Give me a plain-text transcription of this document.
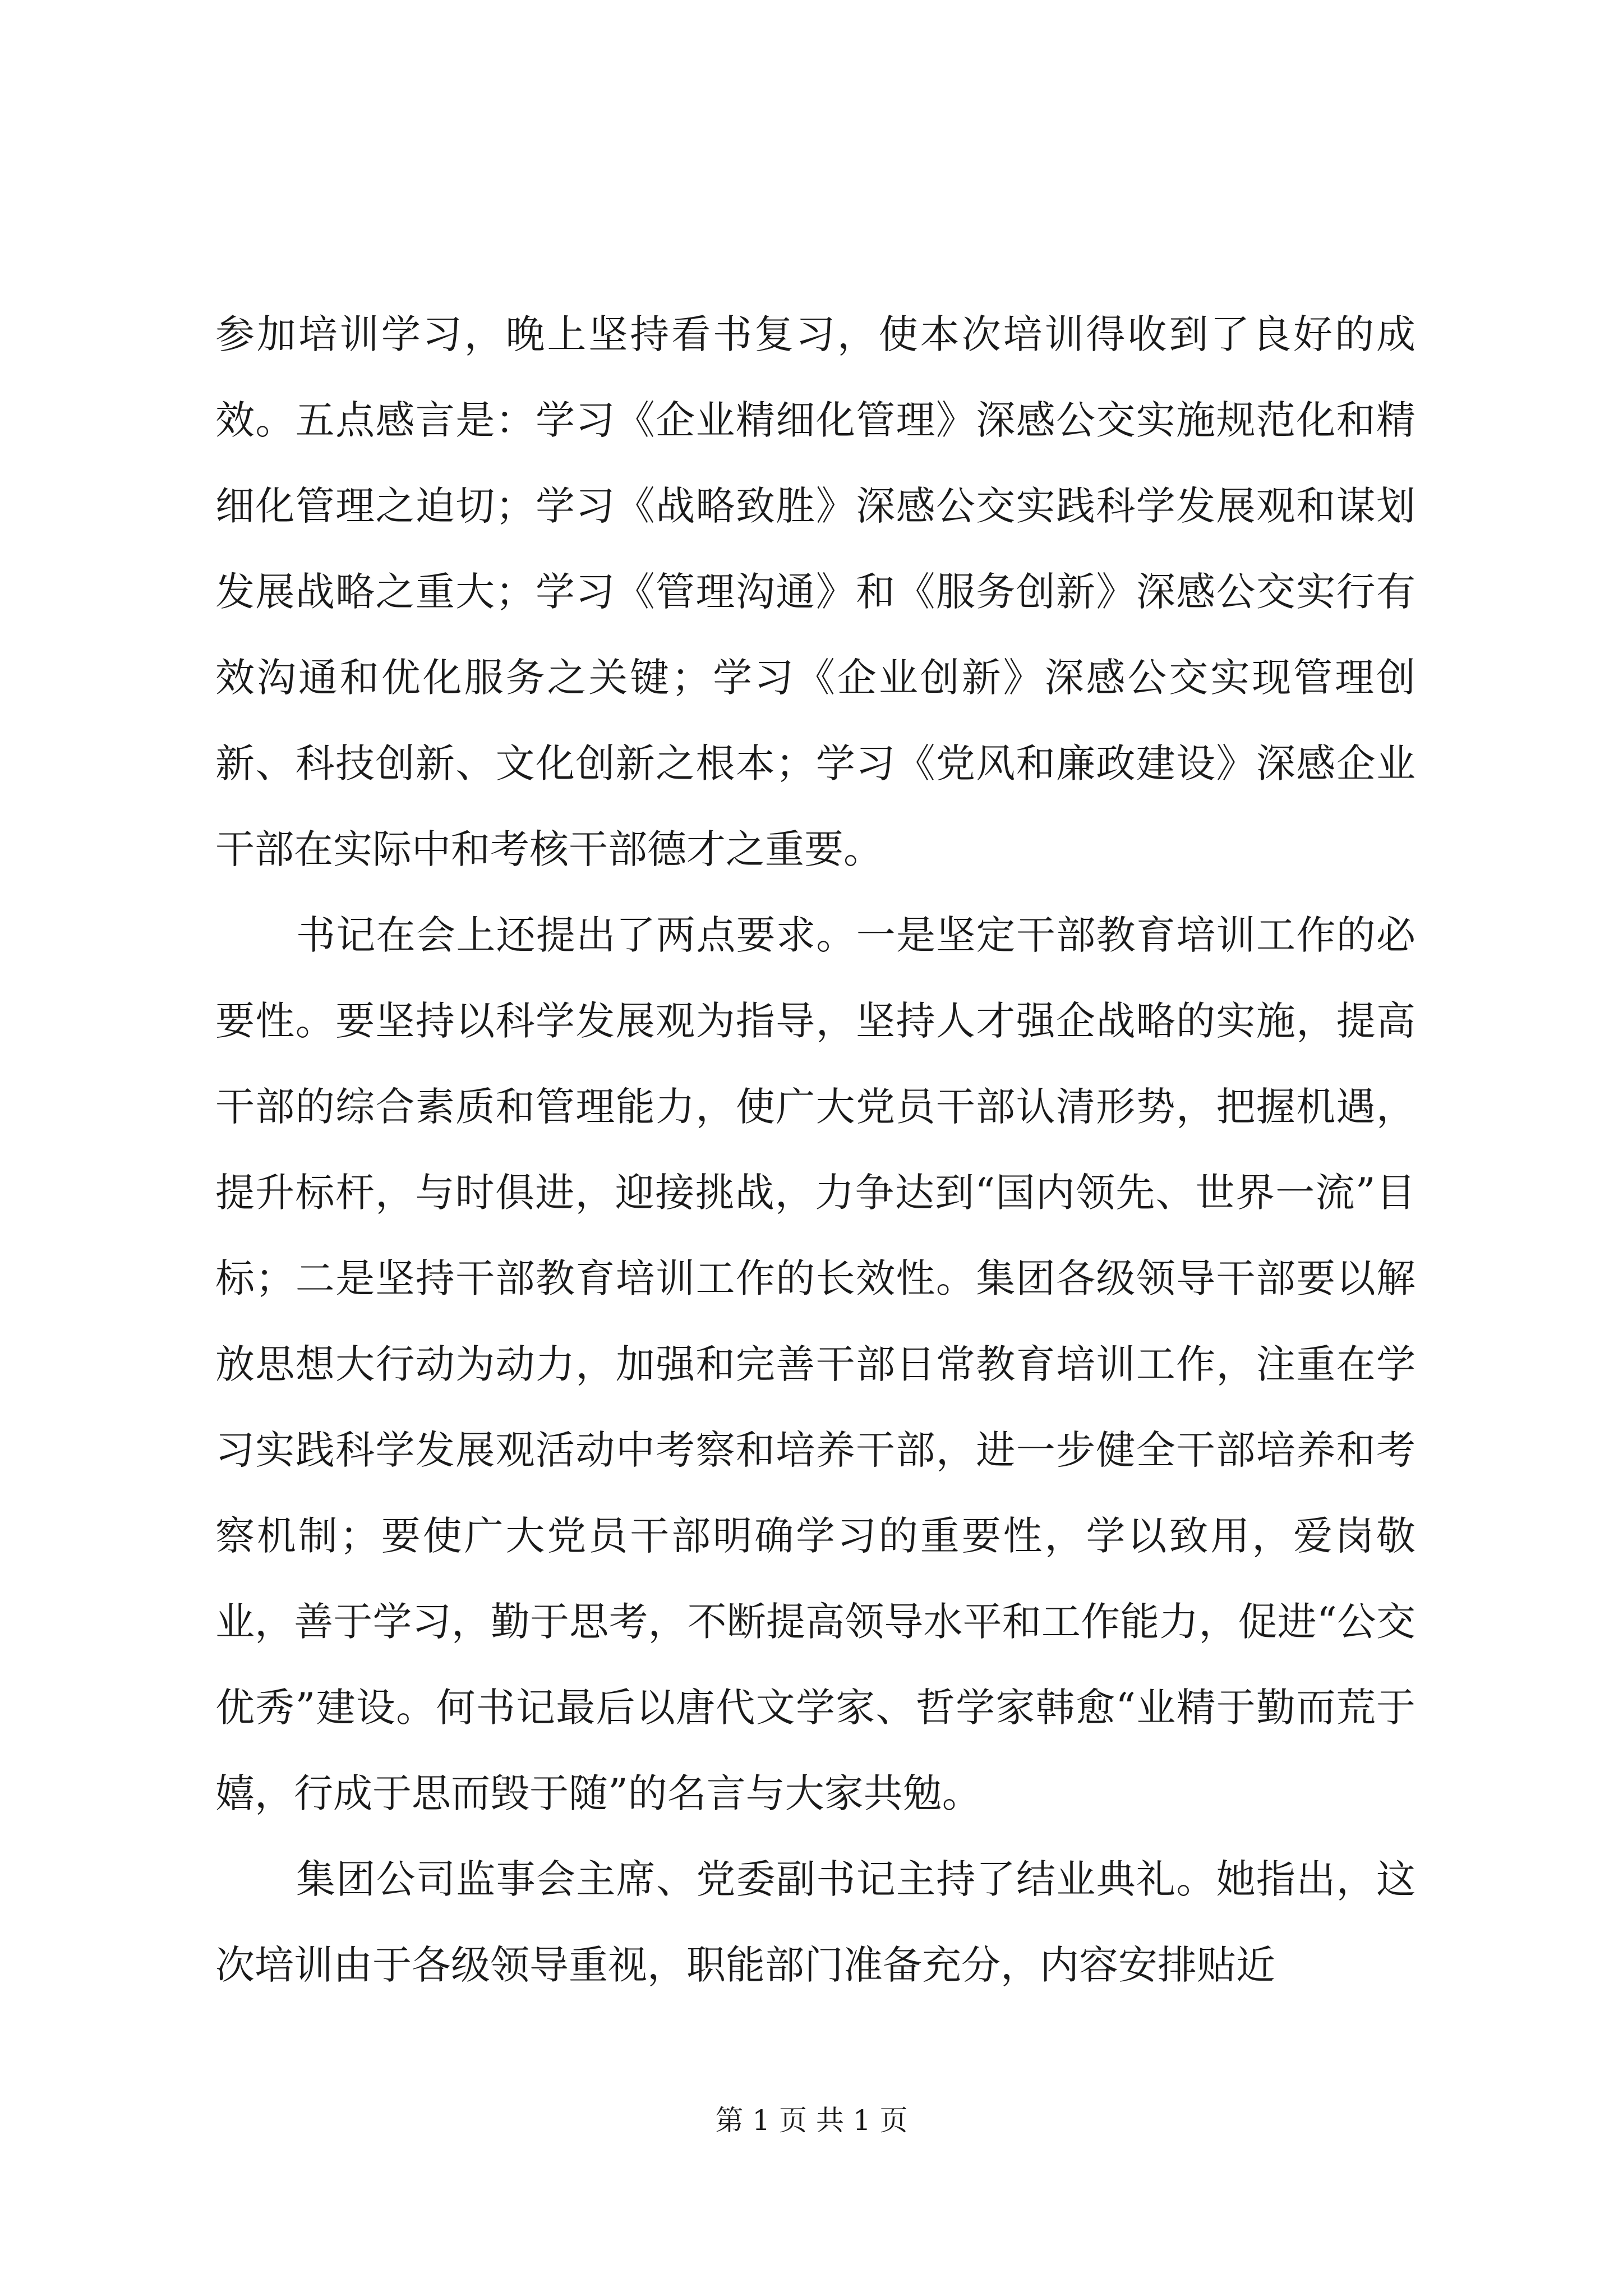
参加培训学习，晚上坚持看书复习，使本次培训得收到了良好的成效。五点感言是：学习《企业精细化管理》深感公交实施规范化和精细化管理之迫切；学习《战略致胜》深感公交实践科学发展观和谋划发展战略之重大；学习《管理沟通》和《服务创新》深感公交实行有效沟通和优化服务之关键；学习《企业创新》深感公交实现管理创新、科技创新、文化创新之根本；学习《党风和廉政建设》深感企业干部在实际中和考核干部德才之重要。

书记在会上还提出了两点要求。一是坚定干部教育培训工作的必要性。要坚持以科学发展观为指导，坚持人才强企战略的实施，提高干部的综合素质和管理能力，使广大党员干部认清形势，把握机遇，提升标杆，与时俱进，迎接挑战，力争达到“国内领先、世界一流”目标；二是坚持干部教育培训工作的长效性。集团各级领导干部要以解放思想大行动为动力，加强和完善干部日常教育培训工作，注重在学习实践科学发展观活动中考察和培养干部，进一步健全干部培养和考察机制；要使广大党员干部明确学习的重要性，学以致用，爱岗敬业，善于学习，勤于思考，不断提高领导水平和工作能力，促进“公交优秀”建设。何书记最后以唐代文学家、哲学家韩愈“业精于勤而荒于嬉，行成于思而毁于随”的名言与大家共勉。

集团公司监事会主席、党委副书记主持了结业典礼。她指出，这次培训由于各级领导重视，职能部门准备充分，内容安排贴近

第 1 页 共 1 页
